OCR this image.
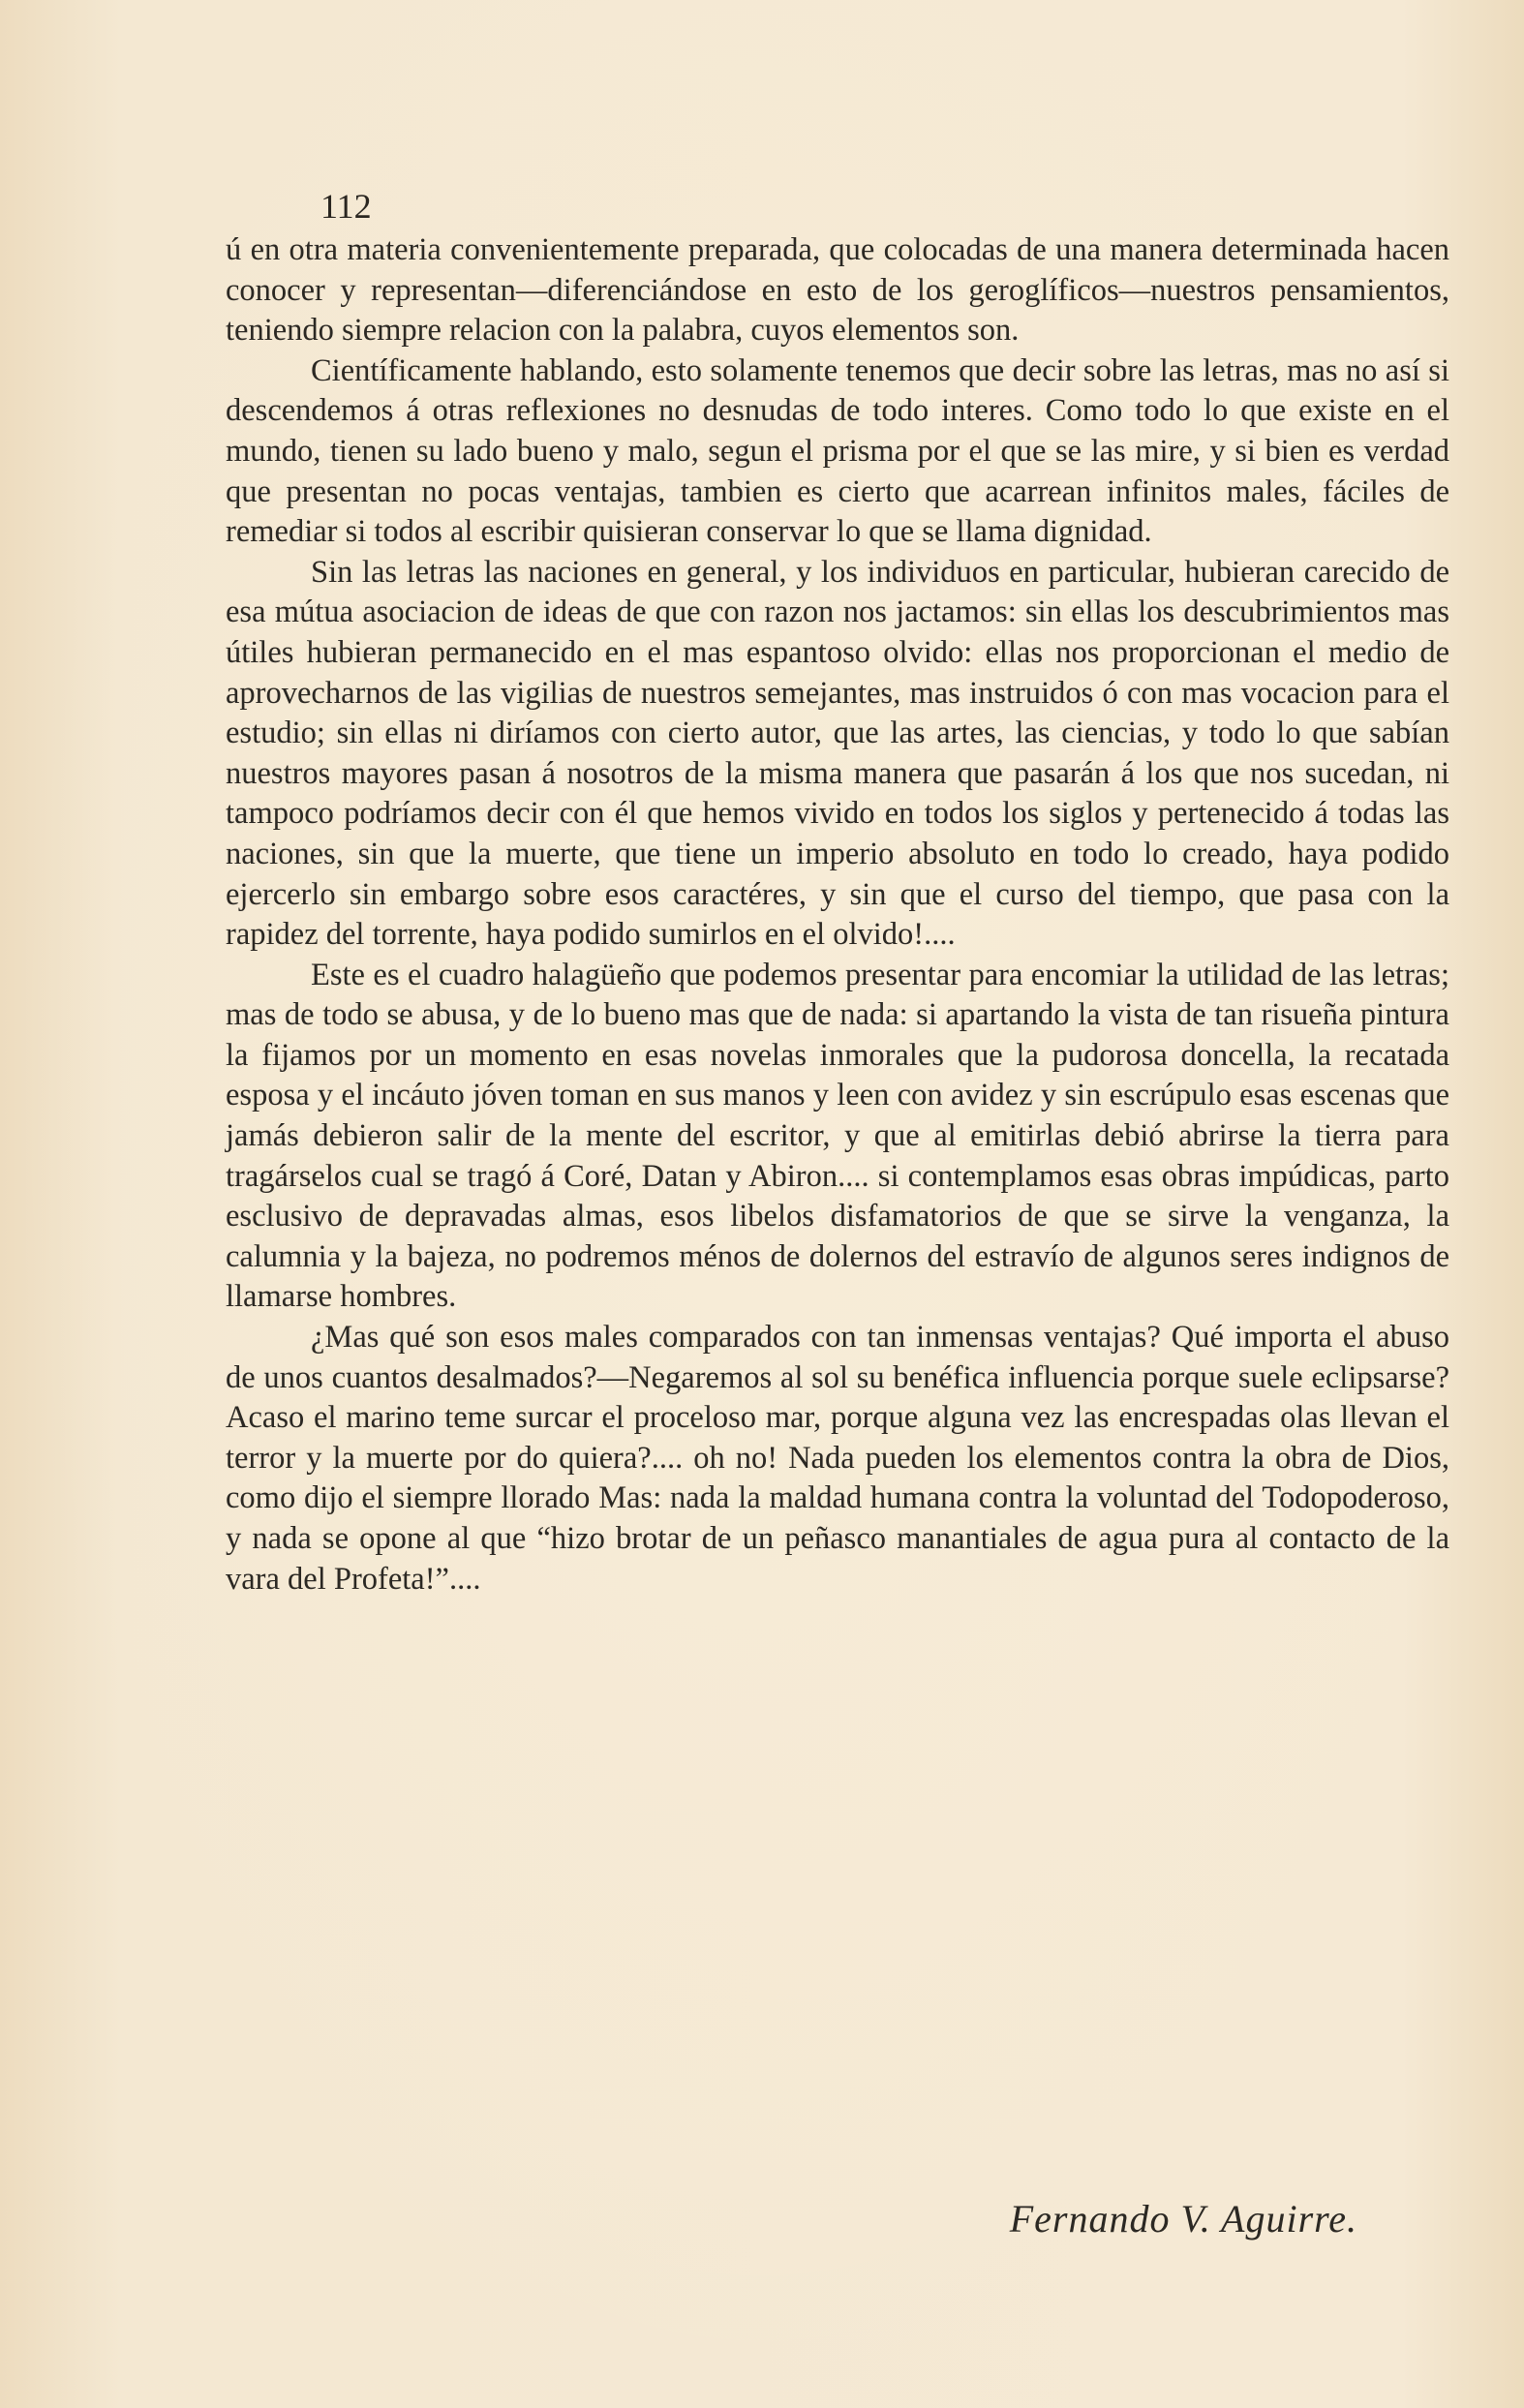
112

ú en otra materia convenientemente preparada, que colocadas de una manera determinada hacen conocer y representan—diferenciándose en esto de los geroglíficos—nuestros pensamientos, teniendo siempre relacion con la palabra, cuyos elementos son.

Científicamente hablando, esto solamente tenemos que decir sobre las letras, mas no así si descendemos á otras reflexiones no desnudas de todo interes. Como todo lo que existe en el mundo, tienen su lado bueno y malo, segun el prisma por el que se las mire, y si bien es verdad que presentan no pocas ventajas, tambien es cierto que acarrean infinitos males, fáciles de remediar si todos al escribir quisieran conservar lo que se llama dignidad.

Sin las letras las naciones en general, y los individuos en particular, hubieran carecido de esa mútua asociacion de ideas de que con razon nos jactamos: sin ellas los descubrimientos mas útiles hubieran permanecido en el mas espantoso olvido: ellas nos proporcionan el medio de aprovecharnos de las vigilias de nuestros semejantes, mas instruidos ó con mas vocacion para el estudio; sin ellas ni diríamos con cierto autor, que las artes, las ciencias, y todo lo que sabían nuestros mayores pasan á nosotros de la misma manera que pasarán á los que nos sucedan, ni tampoco podríamos decir con él que hemos vivido en todos los siglos y pertenecido á todas las naciones, sin que la muerte, que tiene un imperio absoluto en todo lo creado, haya podido ejercerlo sin embargo sobre esos caractéres, y sin que el curso del tiempo, que pasa con la rapidez del torrente, haya podido sumirlos en el olvido!....

Este es el cuadro halagüeño que podemos presentar para encomiar la utilidad de las letras; mas de todo se abusa, y de lo bueno mas que de nada: si apartando la vista de tan risueña pintura la fijamos por un momento en esas novelas inmorales que la pudorosa doncella, la recatada esposa y el incáuto jóven toman en sus manos y leen con avidez y sin escrúpulo esas escenas que jamás debieron salir de la mente del escritor, y que al emitirlas debió abrirse la tierra para tragárselos cual se tragó á Coré, Datan y Abiron.... si contemplamos esas obras impúdicas, parto esclusivo de depravadas almas, esos libelos disfamatorios de que se sirve la venganza, la calumnia y la bajeza, no podremos ménos de dolernos del estravío de algunos seres indignos de llamarse hombres.

¿Mas qué son esos males comparados con tan inmensas ventajas? Qué importa el abuso de unos cuantos desalmados?—Negaremos al sol su benéfica influencia porque suele eclipsarse? Acaso el marino teme surcar el proceloso mar, porque alguna vez las encrespadas olas llevan el terror y la muerte por do quiera?.... oh no! Nada pueden los elementos contra la obra de Dios, como dijo el siempre llorado Mas: nada la maldad humana contra la voluntad del Todopoderoso, y nada se opone al que “hizo brotar de un peñasco manantiales de agua pura al contacto de la vara del Profeta!”....

Fernando V. Aguirre.
